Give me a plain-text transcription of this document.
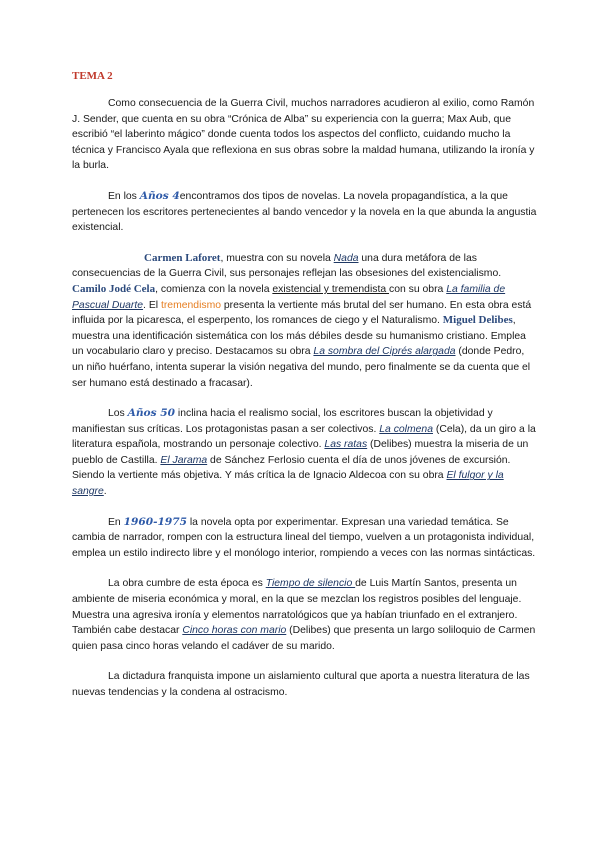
TEMA 2

Como consecuencia de la Guerra Civil, muchos narradores acudieron al exilio, como Ramón J. Sender, que cuenta en su obra “Crónica de Alba” su experiencia con la guerra; Max Aub, que escribió “el laberinto mágico” donde cuenta todos los aspectos del conflicto, cuidando mucho la técnica y Francisco Ayala que reflexiona en sus obras sobre la maldad humana, utilizando la ironía y la burla.

En los Años 4encontramos dos tipos de novelas. La novela propagandística, a la que pertenecen los escritores pertenecientes al bando vencedor y la novela en la que abunda la angustia existencial.

Carmen Laforet, muestra con su novela Nada una dura metáfora de las consecuencias de la Guerra Civil, sus personajes reflejan las obsesiones del existencialismo. Camilo Jodé Cela, comienza con la novela existencial y tremendista con su obra La familia de Pascual Duarte. El tremendismo presenta la vertiente más brutal del ser humano. En esta obra está influida por la picaresca, el esperpento, los romances de ciego y el Naturalismo. Miguel Delibes, muestra una identificación sistemática con los más débiles desde su humanismo cristiano. Emplea un vocabulario claro y preciso. Destacamos su obra La sombra del Ciprés alargada (donde Pedro, un niño huérfano, intenta superar la visión negativa del mundo, pero finalmente se da cuenta que el ser humano está destinado a fracasar).

Los Años 50 inclina hacia el realismo social, los escritores buscan la objetividad y manifiestan sus críticas. Los protagonistas pasan a ser colectivos. La colmena (Cela), da un giro a la literatura española, mostrando un personaje colectivo. Las ratas (Delibes) muestra la miseria de un pueblo de Castilla. El Jarama de Sánchez Ferlosio cuenta el día de unos jóvenes de excursión. Siendo la vertiente más objetiva. Y más crítica la de Ignacio Aldecoa con su obra El fulgor y la sangre.

En 1960-1975 la novela opta por experimentar. Expresan una variedad temática. Se cambia de narrador, rompen con la estructura lineal del tiempo, vuelven a un protagonista individual, emplea un estilo indirecto libre y el monólogo interior, rompiendo a veces con las normas sintácticas.

La obra cumbre de esta época es Tiempo de silencio de Luis Martín Santos, presenta un ambiente de miseria económica y moral, en la que se mezclan los registros posibles del lenguaje. Muestra una agresiva ironía y elementos narratológicos que ya habían triunfado en el extranjero. También cabe destacar Cinco horas con mario (Delibes) que presenta un largo soliloquio de Carmen quien pasa cinco horas velando el cadáver de su marido.

La dictadura franquista impone un aislamiento cultural que aporta a nuestra literatura de las nuevas tendencias y la condena al ostracismo.
